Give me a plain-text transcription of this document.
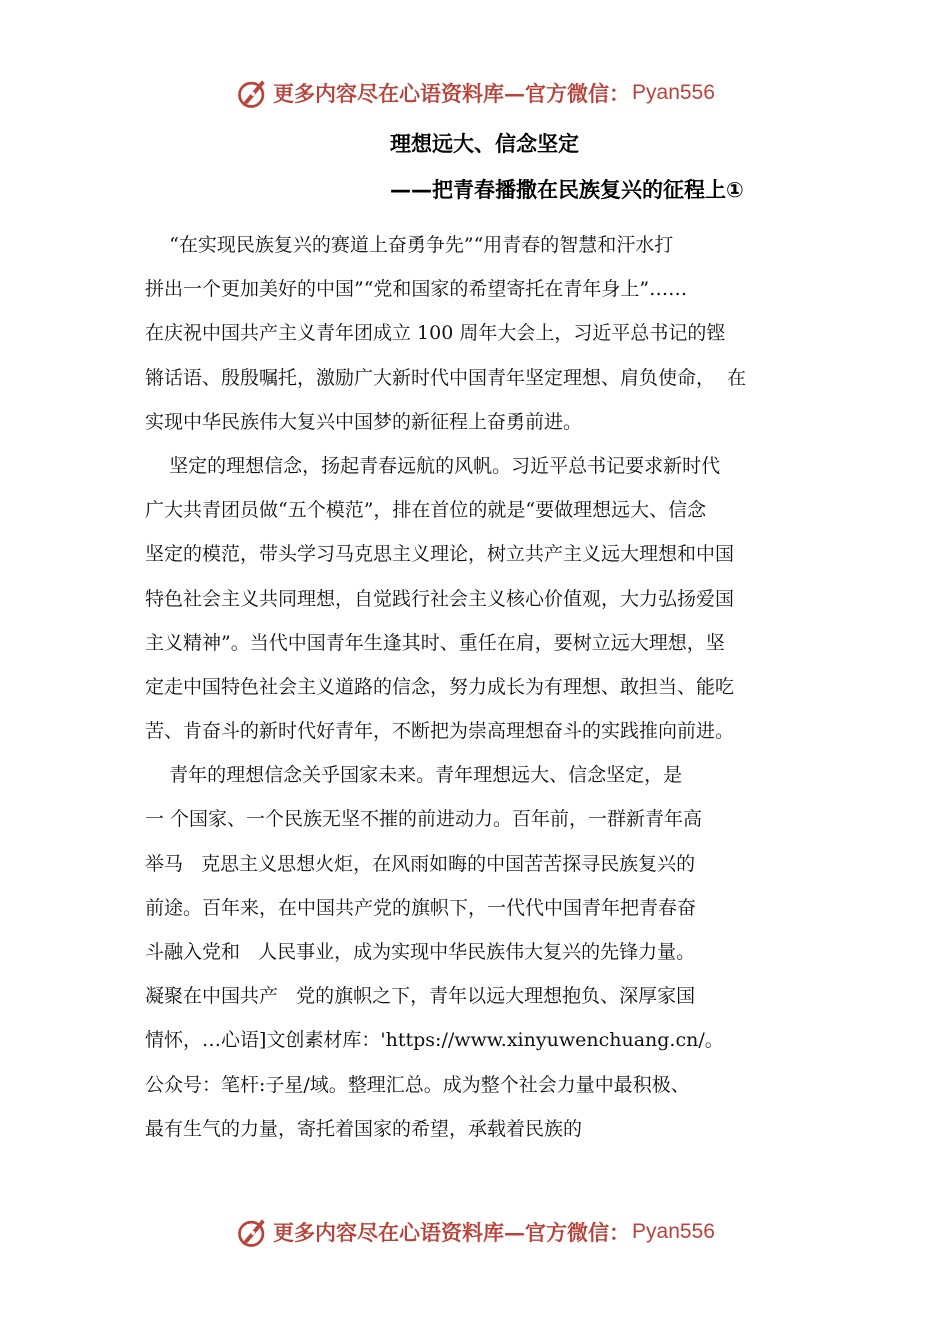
更多内容尽在心语资料库—官方微信： Pyan556
理想远大、信念坚定
——把青春播撒在民族复兴的征程上①
“在实现民族复兴的赛道上奋勇争先”“用青春的智慧和汗水打
拼出一个更加美好的中国”“党和国家的希望寄托在青年身上”……
在庆祝中国共产主义青年团成立 100 周年大会上，习近平总书记的铿
锵话语、殷殷嘱托，激励广大新时代中国青年坚定理想、肩负使命，  在
实现中华民族伟大复兴中国梦的新征程上奋勇前进。
坚定的理想信念，扬起青春远航的风帆。习近平总书记要求新时代
广大共青团员做“五个模范”，排在首位的就是“要做理想远大、信念
坚定的模范，带头学习马克思主义理论，树立共产主义远大理想和中国
特色社会主义共同理想，自觉践行社会主义核心价值观，大力弘扬爱国
主义精神”。当代中国青年生逢其时、重任在肩，要树立远大理想，坚
定走中国特色社会主义道路的信念，努力成长为有理想、敢担当、能吃
苦、肯奋斗的新时代好青年，不断把为崇高理想奋斗的实践推向前进。
青年的理想信念关乎国家未来。青年理想远大、信念坚定，是
一 个国家、一个民族无坚不摧的前进动力。百年前，一群新青年高
举马   克思主义思想火炬，在风雨如晦的中国苦苦探寻民族复兴的
前途。百年来，在中国共产党的旗帜下，一代代中国青年把青春奋
斗融入党和   人民事业，成为实现中华民族伟大复兴的先锋力量。
凝聚在中国共产   党的旗帜之下，青年以远大理想抱负、深厚家国
情怀，…心语]文创素材库：'https://www.xinyuwenchuang.cn/。
公众号：笔杆:子星/域。整理汇总。成为整个社会力量中最积极、
最有生气的力量，寄托着国家的希望，承载着民族的
更多内容尽在心语资料库—官方微信： Pyan556
